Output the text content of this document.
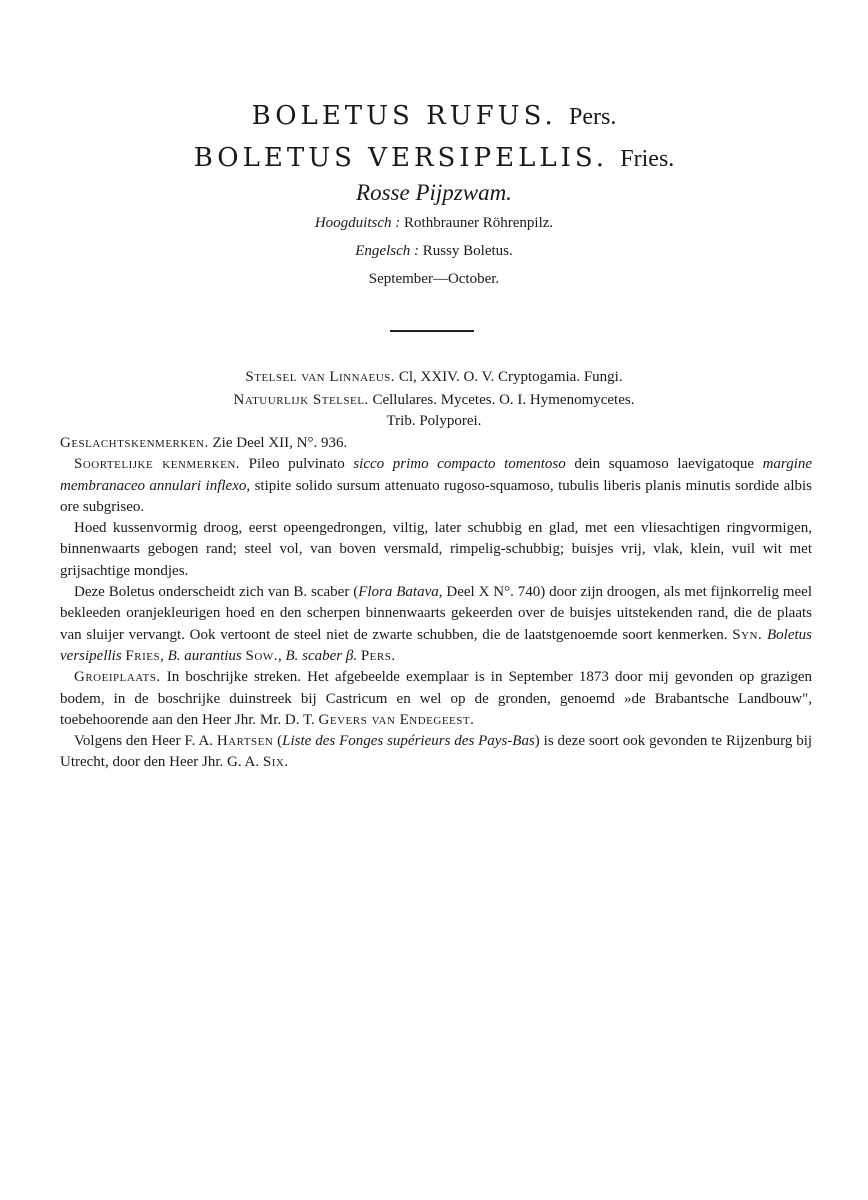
BOLETUS RUFUS. Pers.
BOLETUS VERSIPELLIS. Fries.
Rosse Pijpzwam.
Hoogduitsch : Rothbrauner Röhrenpilz.
Engelsch : Russy Boletus.
September—October.
Stelsel van Linnaeus. Cl, XXIV. O. V. Cryptogamia. Fungi.
Natuurlijk Stelsel. Cellulares. Mycetes. O. I. Hymenomycetes.
Trib. Polyporei.

Geslachtskenmerken. Zie Deel XII, N°. 936.

Soortelijke kenmerken. Pileo pulvinato sicco primo compacto tomentoso dein squamoso laevigatoque margine membranaceo annulari inflexo, stipite solido sursum attenuato rugoso-squamoso, tubulis liberis planis minutis sordide albis ore subgriseo.

Hoed kussenvormig droog, eerst opeengedrongen, viltig, later schubbig en glad, met een vliesachtigen ringvormigen, binnenwaarts gebogen rand; steel vol, van boven versmald, rimpelig-schubbig; buisjes vrij, vlak, klein, vuil wit met grijsachtige mondjes.

Deze Boletus onderscheidt zich van B. scaber (Flora Batava, Deel X N°. 740) door zijn droogen, als met fijnkorrelig meel bekleeden oranjekleurigen hoed en den scherpen binnenwaarts gekeerden over de buisjes uitstekenden rand, die de plaats van sluijer vervangt. Ook vertoont de steel niet de zwarte schubben, die de laatstgenoemde soort kenmerken. Syn. Boletus versipellis Fries, B. aurantius Sow., B. scaber β. Pers.

Groeiplaats. In boschrijke streken. Het afgebeelde exemplaar is in September 1873 door mij gevonden op grazigen bodem, in de boschrijke duinstreek bij Castricum en wel op de gronden, genoemd »de Brabantsche Landbouw", toebehoorende aan den Heer Jhr. Mr. D. T. Gevers van Endegeest.

Volgens den Heer F. A. Hartsen (Liste des Fonges supérieurs des Pays-Bas) is deze soort ook gevonden te Rijzenburg bij Utrecht, door den Heer Jhr. G. A. Six.
